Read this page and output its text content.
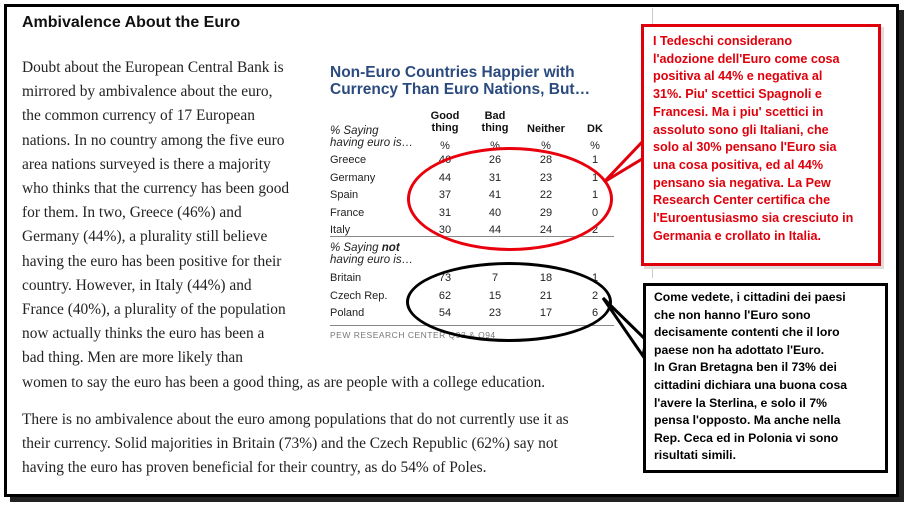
Ambivalence About the Euro
Doubt about the European Central Bank is
mirrored by ambivalence about the euro,
the common currency of 17 European
nations. In no country among the five euro
area nations surveyed is there a majority
who thinks that the currency has been good
for them. In two, Greece (46%) and
Germany (44%), a plurality still believe
having the euro has been positive for their
country. However, in Italy (44%) and
France (40%), a plurality of the population
now actually thinks the euro has been a
bad thing. Men are more likely than
women to say the euro has been a good thing, as are people with a college education.
There is no ambivalence about the euro among populations that do not currently use it as
their currency. Solid majorities in Britain (73%) and the Czech Republic (62%) say not
having the euro has proven beneficial for their country, as do 54% of Poles.
Non-Euro Countries Happier with
Currency Than Euro Nations, But…
Good
thing
Bad
thing	Neither	DK
% Saying
having euro is…	%	%	%	%
Greece	46	26	28	1
Germany	44	31	23	1
Spain	37	41	22	1
France	31	40	29	0
Italy	30	44	24	2
% Saying not
having euro is…
Britain	73	7	18	1
Czech Rep.	62	15	21	2
Poland	54	23	17	6
PEW RESEARCH CENTER Q93 & Q94
I Tedeschi considerano
l'adozione dell'Euro come cosa
positiva al 44% e negativa al
31%. Piu' scettici Spagnoli e
Francesi. Ma i piu' scettici in
assoluto sono gli Italiani, che
solo al 30% pensano l'Euro sia
una cosa positiva, ed al 44%
pensano sia negativa. La Pew
Research Center certifica che
l'Euroentusiasmo sia cresciuto in
Germania e crollato in Italia.
Come vedete, i cittadini dei paesi
che non hanno l'Euro sono
decisamente contenti che il loro
paese non ha adottato l'Euro.
In Gran Bretagna ben il 73% dei
cittadini dichiara una buona cosa
l'avere la Sterlina, e solo il 7%
pensa l'opposto. Ma anche nella
Rep. Ceca ed in Polonia vi sono
risultati simili.
